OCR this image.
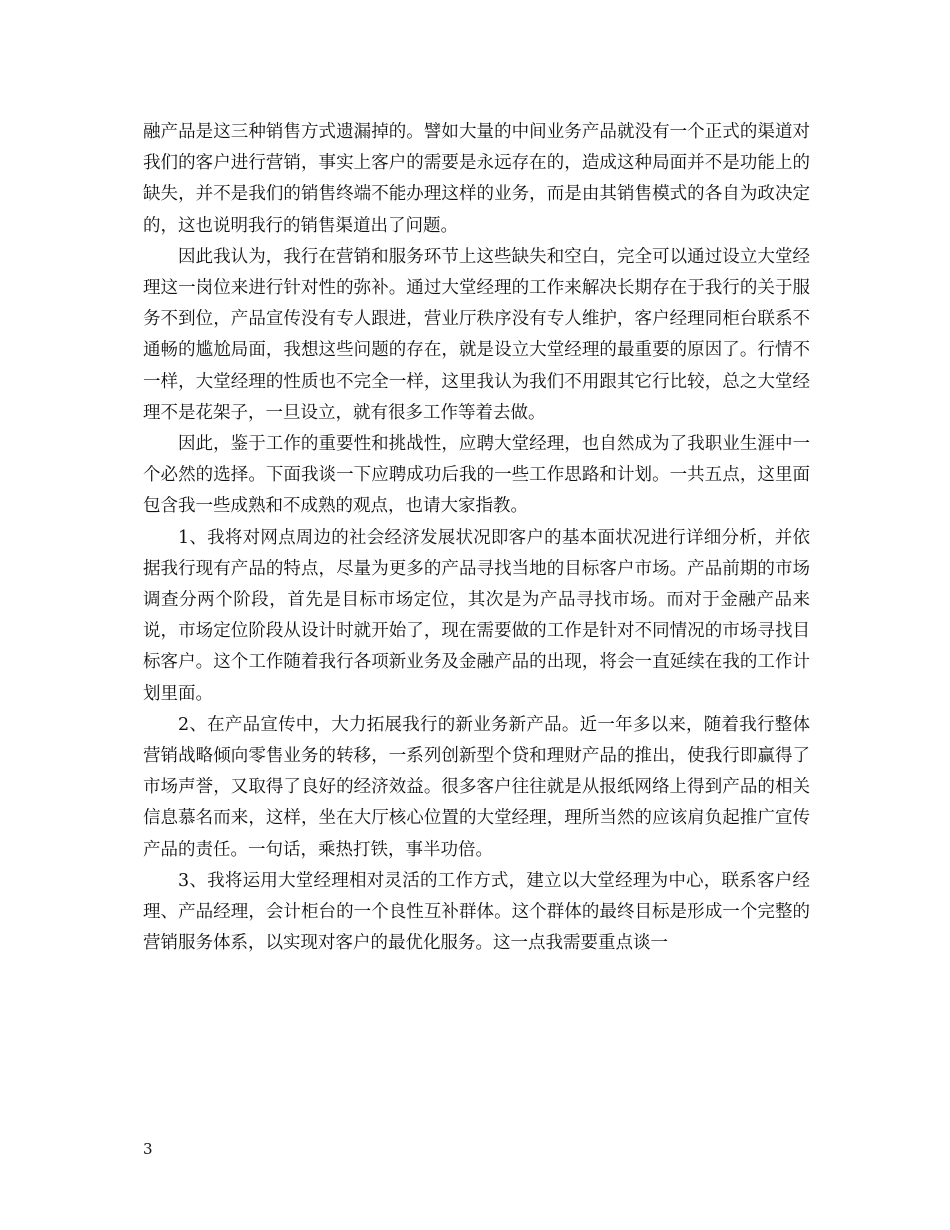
融产品是这三种销售方式遗漏掉的。譬如大量的中间业务产品就没有一个正式的渠道对我们的客户进行营销，事实上客户的需要是永远存在的，造成这种局面并不是功能上的缺失，并不是我们的销售终端不能办理这样的业务，而是由其销售模式的各自为政决定的，这也说明我行的销售渠道出了问题。

因此我认为，我行在营销和服务环节上这些缺失和空白，完全可以通过设立大堂经理这一岗位来进行针对性的弥补。通过大堂经理的工作来解决长期存在于我行的关于服务不到位，产品宣传没有专人跟进，营业厅秩序没有专人维护，客户经理同柜台联系不通畅的尴尬局面，我想这些问题的存在，就是设立大堂经理的最重要的原因了。行情不一样，大堂经理的性质也不完全一样，这里我认为我们不用跟其它行比较，总之大堂经理不是花架子，一旦设立，就有很多工作等着去做。

因此，鉴于工作的重要性和挑战性，应聘大堂经理，也自然成为了我职业生涯中一个必然的选择。下面我谈一下应聘成功后我的一些工作思路和计划。一共五点，这里面包含我一些成熟和不成熟的观点，也请大家指教。

1、我将对网点周边的社会经济发展状况即客户的基本面状况进行详细分析，并依据我行现有产品的特点，尽量为更多的产品寻找当地的目标客户市场。产品前期的市场调查分两个阶段，首先是目标市场定位，其次是为产品寻找市场。而对于金融产品来说，市场定位阶段从设计时就开始了，现在需要做的工作是针对不同情况的市场寻找目标客户。这个工作随着我行各项新业务及金融产品的出现，将会一直延续在我的工作计划里面。

2、在产品宣传中，大力拓展我行的新业务新产品。近一年多以来，随着我行整体营销战略倾向零售业务的转移，一系列创新型个贷和理财产品的推出，使我行即赢得了市场声誉，又取得了良好的经济效益。很多客户往往就是从报纸网络上得到产品的相关信息慕名而来，这样，坐在大厅核心位置的大堂经理，理所当然的应该肩负起推广宣传产品的责任。一句话，乘热打铁，事半功倍。

3、我将运用大堂经理相对灵活的工作方式，建立以大堂经理为中心，联系客户经理、产品经理，会计柜台的一个良性互补群体。这个群体的最终目标是形成一个完整的营销服务体系，以实现对客户的最优化服务。这一点我需要重点谈一

3
